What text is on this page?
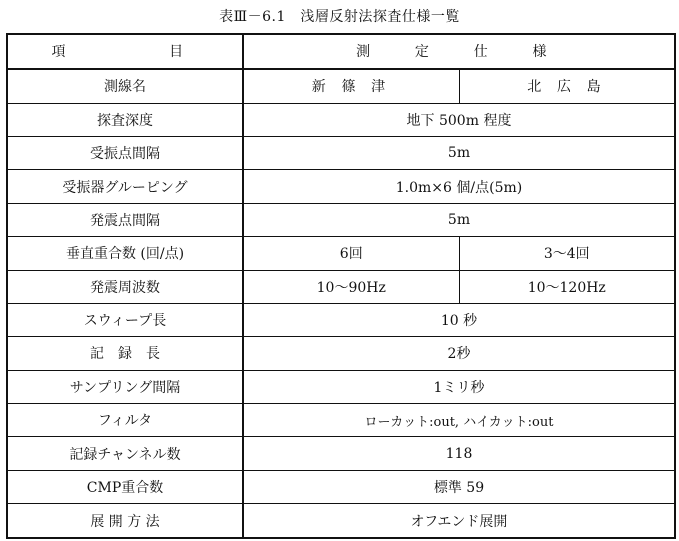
表Ⅲ－6.1　浅層反射法探査仕様一覧
項　　　目	測　定　仕　様	
測線名	新 篠 津	北 広 島
探査深度	地下 500m 程度	
受振点間隔	5m	
受振器グルーピング	1.0m×6 個/点(5m)	
発震点間隔	5m	
垂直重合数 (回/点)	6回	3～4回
発震周波数	10～90Hz	10～120Hz
スウィープ長	10 秒	
記　録　長	2秒	
サンプリング間隔	1ミリ秒	
フィルタ	ローカット:out, ハイカット:out	
記録チャンネル数	118	
CMP重合数	標準 59	
展 開 方 法	オフエンド展開	
